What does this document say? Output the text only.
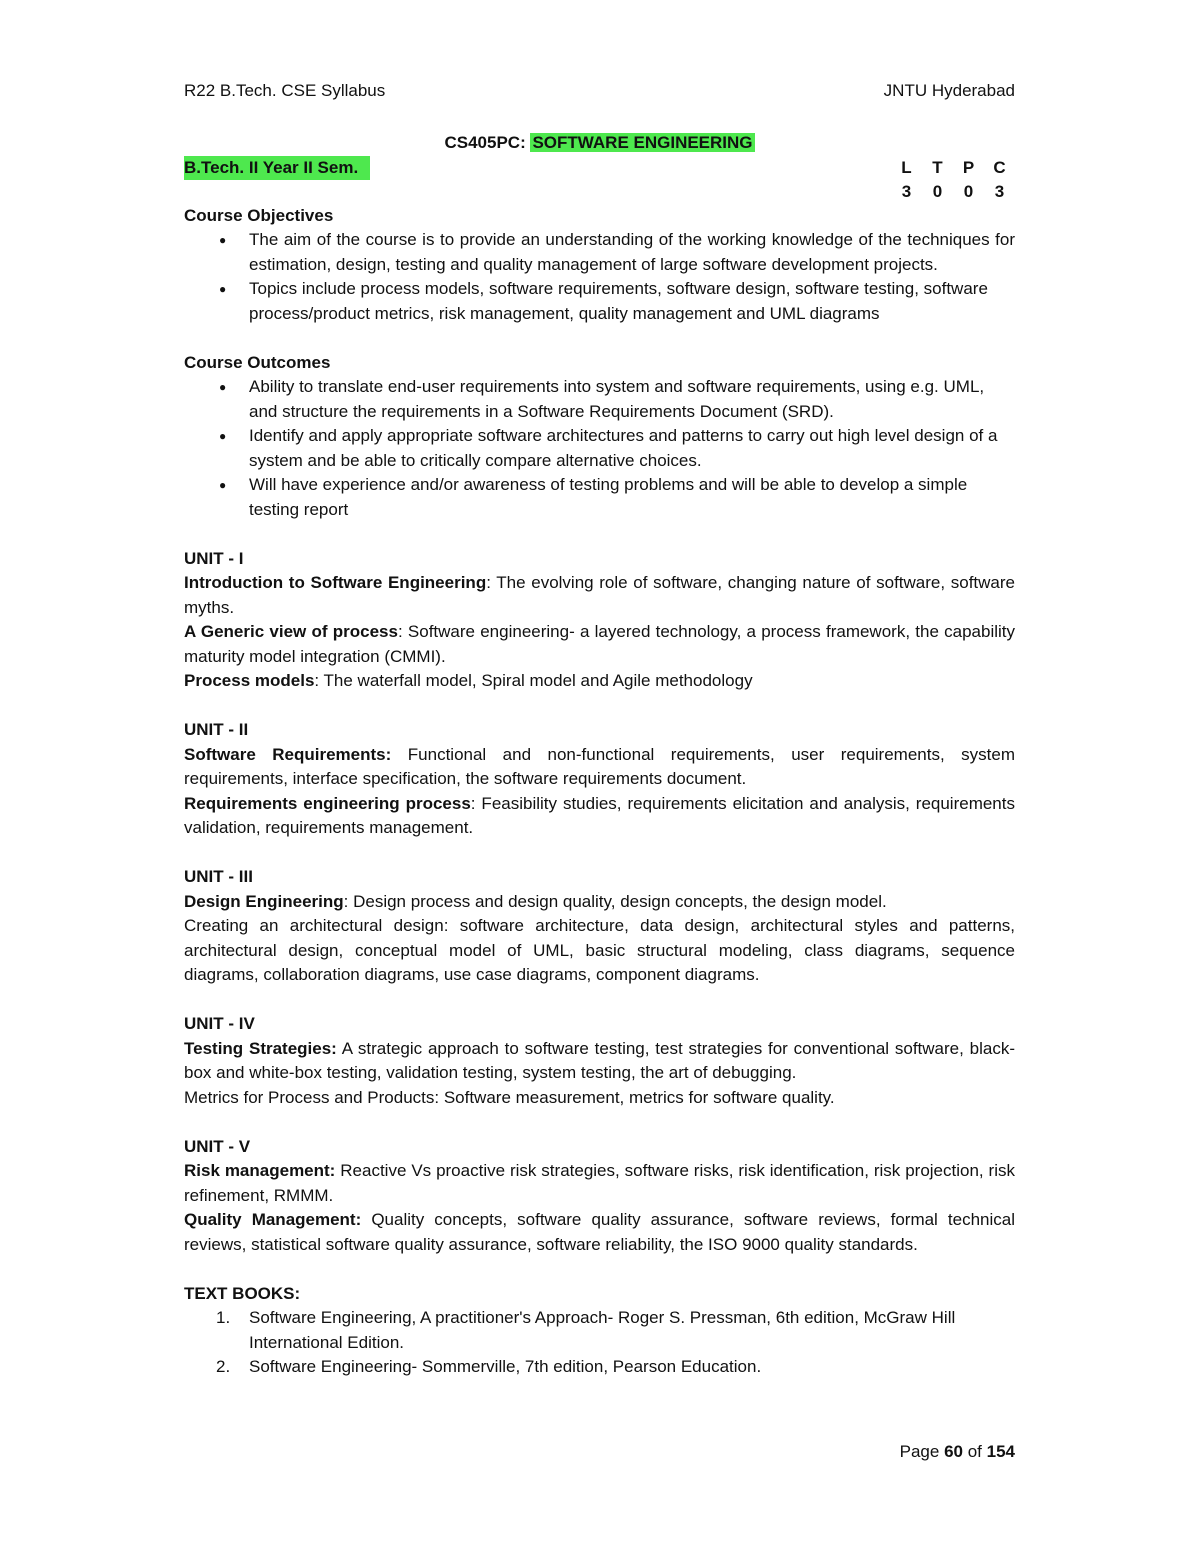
R22 B.Tech. CSE Syllabus	JNTU Hyderabad

CS405PC: SOFTWARE ENGINEERING

B.Tech. II Year II Sem.	L	T	P	C
3	0	0	3

Course Objectives

● The aim of the course is to provide an understanding of the working knowledge of the techniques for estimation, design, testing and quality management of large software development projects.
● Topics include process models, software requirements, software design, software testing, software process/product metrics, risk management, quality management and UML diagrams

Course Outcomes

● Ability to translate end-user requirements into system and software requirements, using e.g. UML, and structure the requirements in a Software Requirements Document (SRD).
● Identify and apply appropriate software architectures and patterns to carry out high level design of a system and be able to critically compare alternative choices.
● Will have experience and/or awareness of testing problems and will be able to develop a simple testing report

UNIT - I

Introduction to Software Engineering: The evolving role of software, changing nature of software, software myths.

A Generic view of process: Software engineering- a layered technology, a process framework, the capability maturity model integration (CMMI).

Process models: The waterfall model, Spiral model and Agile methodology

UNIT - II

Software Requirements: Functional and non-functional requirements, user requirements, system requirements, interface specification, the software requirements document.

Requirements engineering process: Feasibility studies, requirements elicitation and analysis, requirements validation, requirements management.

UNIT - III

Design Engineering: Design process and design quality, design concepts, the design model.

Creating an architectural design: software architecture, data design, architectural styles and patterns, architectural design, conceptual model of UML, basic structural modeling, class diagrams, sequence diagrams, collaboration diagrams, use case diagrams, component diagrams.

UNIT - IV

Testing Strategies: A strategic approach to software testing, test strategies for conventional software, black-box and white-box testing, validation testing, system testing, the art of debugging.

Metrics for Process and Products: Software measurement, metrics for software quality.

UNIT - V

Risk management: Reactive Vs proactive risk strategies, software risks, risk identification, risk projection, risk refinement, RMMM.

Quality Management: Quality concepts, software quality assurance, software reviews, formal technical reviews, statistical software quality assurance, software reliability, the ISO 9000 quality standards.

TEXT BOOKS:

1. Software Engineering, A practitioner's Approach- Roger S. Pressman, 6th edition, McGraw Hill International Edition.
2. Software Engineering- Sommerville, 7th edition, Pearson Education.
Page 60 of 154
